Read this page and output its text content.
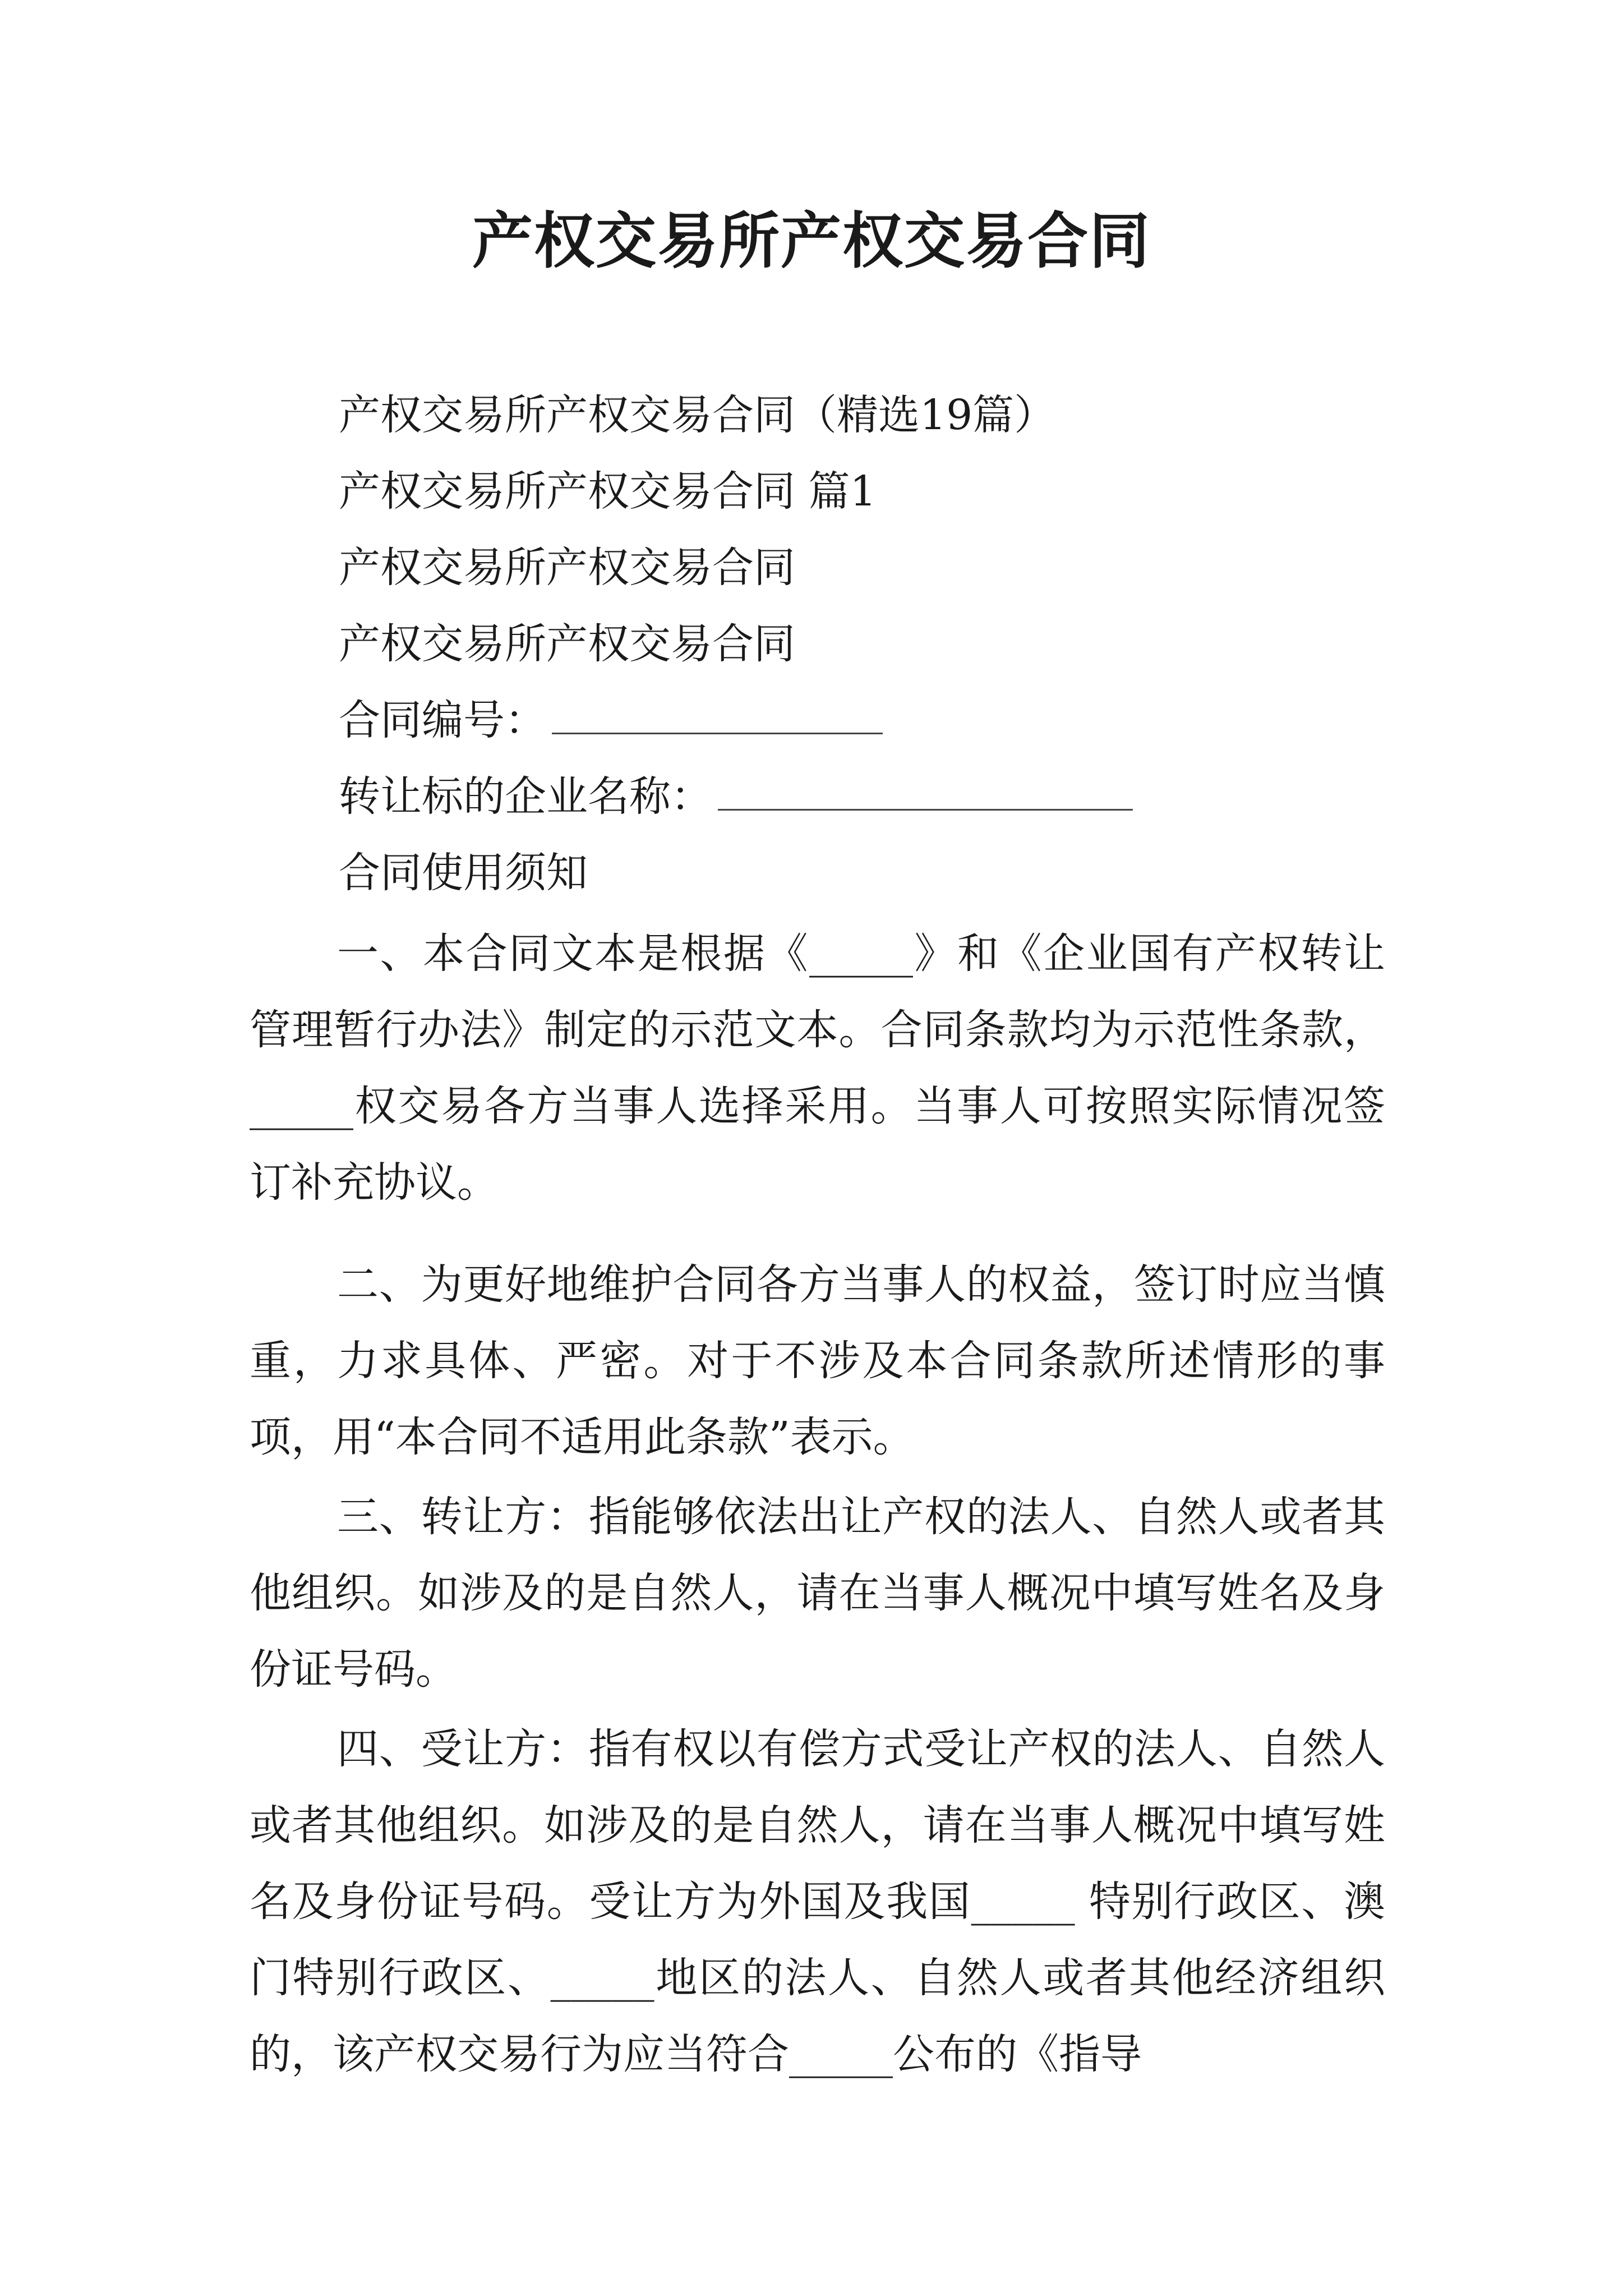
产权交易所产权交易合同

产权交易所产权交易合同（精选19篇）

产权交易所产权交易合同 篇1

产权交易所产权交易合同

产权交易所产权交易合同

合同编号：

转让标的企业名称：

合同使用须知

一、本合同文本是根据《_____》和《企业国有产权转让管理暂行办法》制定的示范文本。合同条款均为示范性条款，_____权交易各方当事人选择采用。当事人可按照实际情况签订补充协议。

二、为更好地维护合同各方当事人的权益，签订时应当慎重，力求具体、严密。对于不涉及本合同条款所述情形的事项，用“本合同不适用此条款”表示。

三、转让方：指能够依法出让产权的法人、自然人或者其他组织。如涉及的是自然人，请在当事人概况中填写姓名及身份证号码。

四、受让方：指有权以有偿方式受让产权的法人、自然人或者其他组织。如涉及的是自然人，请在当事人概况中填写姓名及身份证号码。受让方为外国及我国_____ 特别行政区、澳门特别行政区、_____地区的法人、自然人或者其他经济组织的，该产权交易行为应当符合_____公布的《指导
